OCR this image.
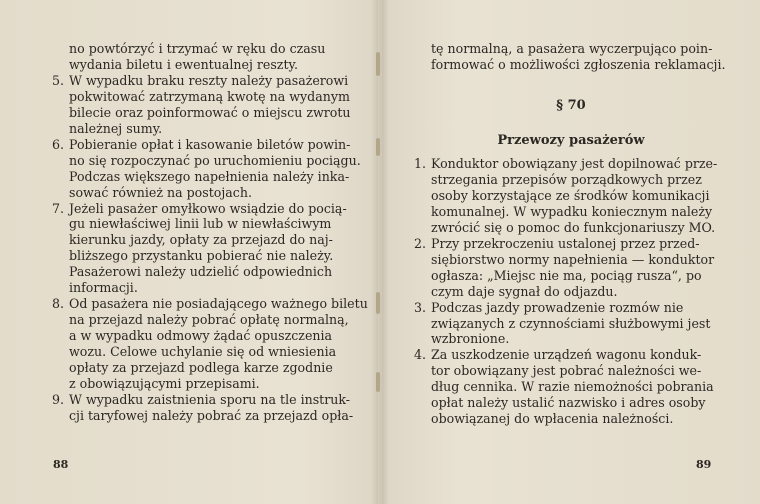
no powtórzyć i trzymać w ręku do czasu
wydania biletu i ewentualnej reszty.
5. W wypadku braku reszty należy pasażerowi
pokwitować zatrzymaną kwotę na wydanym
bilecie oraz poinformować o miejscu zwrotu
należnej sumy.
6. Pobieranie opłat i kasowanie biletów powin-
no się rozpoczynać po uruchomieniu pociągu.
Podczas większego napełnienia należy inka-
sować również na postojach.
7. Jeżeli pasażer omyłkowo wsiądzie do pocią-
gu niewłaściwej linii lub w niewłaściwym
kierunku jazdy, opłaty za przejazd do naj-
bliższego przystanku pobierać nie należy.
Pasażerowi należy udzielić odpowiednich
informacji.
8. Od pasażera nie posiadającego ważnego biletu
na przejazd należy pobrać opłatę normalną,
a w wypadku odmowy żądać opuszczenia
wozu. Celowe uchylanie się od wniesienia
opłaty za przejazd podlega karze zgodnie
z obowiązującymi przepisami.
9. W wypadku zaistnienia sporu na tle instruk-
cji taryfowej należy pobrać za przejazd opła-
tę normalną, a pasażera wyczerpująco poin-
formować o możliwości zgłoszenia reklamacji.
1. Konduktor obowiązany jest dopilnować prze-
strzegania przepisów porządkowych przez
osoby korzystające ze środków komunikacji
komunalnej. W wypadku koniecznym należy
zwrócić się o pomoc do funkcjonariuszy MO.
2. Przy przekroczeniu ustalonej przez przed-
siębiorstwo normy napełnienia — konduktor
ogłasza: „Miejsc nie ma, pociąg rusza“, po
czym daje sygnał do odjazdu.
3. Podczas jazdy prowadzenie rozmów nie
związanych z czynnościami służbowymi jest
wzbronione.
4. Za uszkodzenie urządzeń wagonu konduk-
tor obowiązany jest pobrać należności we-
dług cennika. W razie niemożności pobrania
opłat należy ustalić nazwisko i adres osoby
obowiązanej do wpłacenia należności.
§ 70
Przewozy pasażerów
88	89
